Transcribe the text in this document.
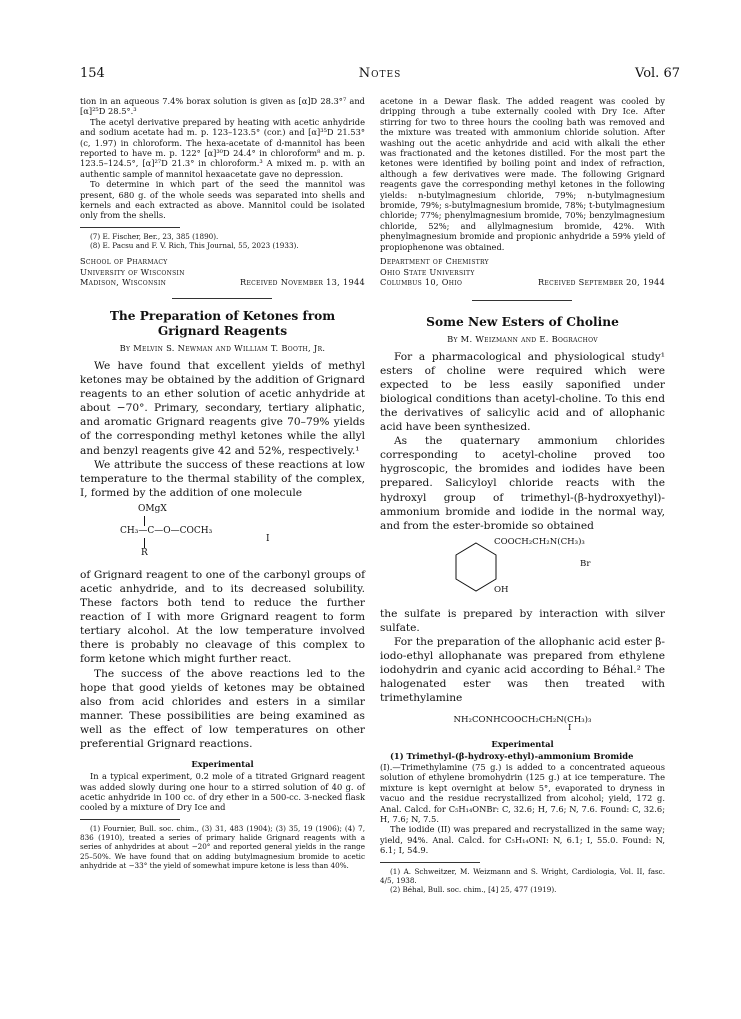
154	Notes	Vol. 67

tion in an aqueous 7.4% borax solution is given as [α]D 28.3°⁷ and [α]²⁵D 28.5°.³

The acetyl derivative prepared by heating with acetic anhydride and sodium acetate had m. p. 123–123.5° (cor.) and [α]³⁵D 21.53° (c, 1.97) in chloroform. The hexa-acetate of d-mannitol has been reported to have m. p. 122° [α]³⁰D 24.4° in chloroform⁸ and m. p. 123.5–124.5°, [α]²⁷D 21.3° in chloroform.³ A mixed m. p. with an authentic sample of mannitol hexaacetate gave no depression.

To determine in which part of the seed the mannitol was present, 680 g. of the whole seeds was separated into shells and kernels and each extracted as above. Mannitol could be isolated only from the shells.

(7) E. Fischer, Ber., 23, 385 (1890).

(8) E. Pacsu and F. V. Rich, This Journal, 55, 2023 (1933).

School of Pharmacy

University of Wisconsin

Madison, Wisconsin	Received November 13, 1944

The Preparation of Ketones from Grignard Reagents

By Melvin S. Newman and William T. Booth, Jr.

We have found that excellent yields of methyl ketones may be obtained by the addition of Grignard reagents to an ether solution of acetic anhydride at about −70°. Primary, secondary, tertiary aliphatic, and aromatic Grignard reagents give 70–79% yields of the corresponding methyl ketones while the allyl and benzyl reagents give 42 and 52%, respectively.¹

We attribute the success of these reactions at low temperature to the thermal stability of the complex, I, formed by the addition of one molecule

OMgX
CH₃—C—O—COCH₃
R
I

of Grignard reagent to one of the carbonyl groups of acetic anhydride, and to its decreased solubility. These factors both tend to reduce the further reaction of I with more Grignard reagent to form tertiary alcohol. At the low temperature involved there is probably no cleavage of this complex to form ketone which might further react.

The success of the above reactions led to the hope that good yields of ketones may be obtained also from acid chlorides and esters in a similar manner. These possibilities are being examined as well as the effect of low temperatures on other preferential Grignard reactions.

Experimental

In a typical experiment, 0.2 mole of a titrated Grignard reagent was added slowly during one hour to a stirred solution of 40 g. of acetic anhydride in 100 cc. of dry ether in a 500-cc. 3-necked flask cooled by a mixture of Dry Ice and

(1) Fournier, Bull. soc. chim., (3) 31, 483 (1904); (3) 35, 19 (1906); (4) 7, 836 (1910), treated a series of primary halide Grignard reagents with a series of anhydrides at about −20° and reported general yields in the range 25–50%. We have found that on adding butylmagnesium bromide to acetic anhydride at −33° the yield of somewhat impure ketone is less than 40%.

acetone in a Dewar flask. The added reagent was cooled by dripping through a tube externally cooled with Dry Ice. After stirring for two to three hours the cooling bath was removed and the mixture was treated with ammonium chloride solution. After washing out the acetic anhydride and acid with alkali the ether was fractionated and the ketones distilled. For the most part the ketones were identified by boiling point and index of refraction, although a few derivatives were made. The following Grignard reagents gave the corresponding methyl ketones in the following yields: n-butylmagnesium chloride, 79%; n-butylmagnesium bromide, 79%; s-butylmagnesium bromide, 78%; t-butylmagnesium chloride; 77%; phenylmagnesium bromide, 70%; benzylmagnesium chloride, 52%; and allylmagnesium bromide, 42%. With phenylmagnesium bromide and propionic anhydride a 59% yield of propiophenone was obtained.

Department of Chemistry

Ohio State University

Columbus 10, Ohio	Received September 20, 1944

Some New Esters of Choline

By M. Weizmann and E. Bograchov

For a pharmacological and physiological study¹ esters of choline were required which were expected to be less easily saponified under biological conditions than acetyl-choline. To this end the derivatives of salicylic acid and of allophanic acid have been synthesized.

As the quaternary ammonium chlorides corresponding to acetyl-choline proved too hygroscopic, the bromides and iodides have been prepared. Salicyloyl chloride reacts with the hydroxyl group of trimethyl-(β-hydroxyethyl)-ammonium bromide and iodide in the normal way, and from the ester-bromide so obtained

COOCH₂CH₂N(CH₃)₃
Br
OH

the sulfate is prepared by interaction with silver sulfate.

For the preparation of the allophanic acid ester β-iodo-ethyl allophanate was prepared from ethylene iodohydrin and cyanic acid according to Béhal.² The halogenated ester was then treated with trimethylamine

NH₂CONHCOOCH₂CH₂N(CH₃)₃
I

Experimental

(1) Trimethyl-(β-hydroxy-ethyl)-ammonium Bromide

(I).—Trimethylamine (75 g.) is added to a concentrated aqueous solution of ethylene bromohydrin (125 g.) at ice temperature. The mixture is kept overnight at below 5°, evaporated to dryness in vacuo and the residue recrystallized from alcohol; yield, 172 g. Anal. Calcd. for C₅H₁₄ONBr: C, 32.6; H, 7.6; N, 7.6. Found: C, 32.6; H, 7.6; N, 7.5.

The iodide (II) was prepared and recrystallized in the same way; yield, 94%. Anal. Calcd. for C₅H₁₄ONI: N, 6.1; I, 55.0. Found: N, 6.1; I, 54.9.

(1) A. Schweitzer, M. Weizmann and S. Wright, Cardiologia, Vol. II, fasc. 4/5, 1938.

(2) Béhal, Bull. soc. chim., [4] 25, 477 (1919).
